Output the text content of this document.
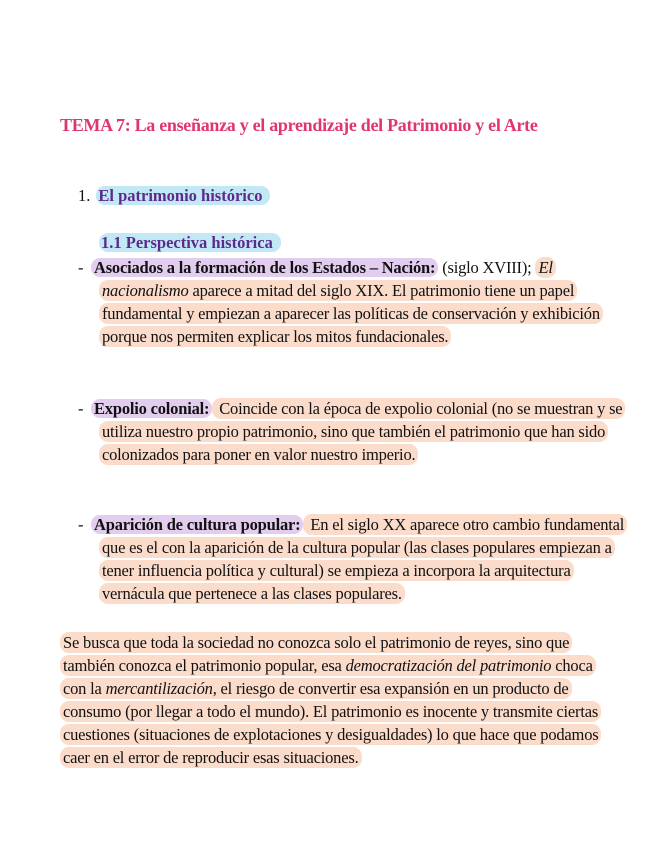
TEMA 7: La enseñanza y el aprendizaje del Patrimonio y el Arte
1. El patrimonio histórico
1.1 Perspectiva histórica
- Asociados a la formación de los Estados – Nación: (siglo XVIII); El nacionalismo aparece a mitad del siglo XIX. El patrimonio tiene un papel fundamental y empiezan a aparecer las políticas de conservación y exhibición porque nos permiten explicar los mitos fundacionales.
- Expolio colonial: Coincide con la época de expolio colonial (no se muestran y se utiliza nuestro propio patrimonio, sino que también el patrimonio que han sido colonizados para poner en valor nuestro imperio.
- Aparición de cultura popular: En el siglo XX aparece otro cambio fundamental que es el con la aparición de la cultura popular (las clases populares empiezan a tener influencia política y cultural) se empieza a incorpora la arquitectura vernácula que pertenece a las clases populares.
Se busca que toda la sociedad no conozca solo el patrimonio de reyes, sino que también conozca el patrimonio popular, esa democratización del patrimonio choca con la mercantilización, el riesgo de convertir esa expansión en un producto de consumo (por llegar a todo el mundo). El patrimonio es inocente y transmite ciertas cuestiones (situaciones de explotaciones y desigualdades) lo que hace que podamos caer en el error de reproducir esas situaciones.
